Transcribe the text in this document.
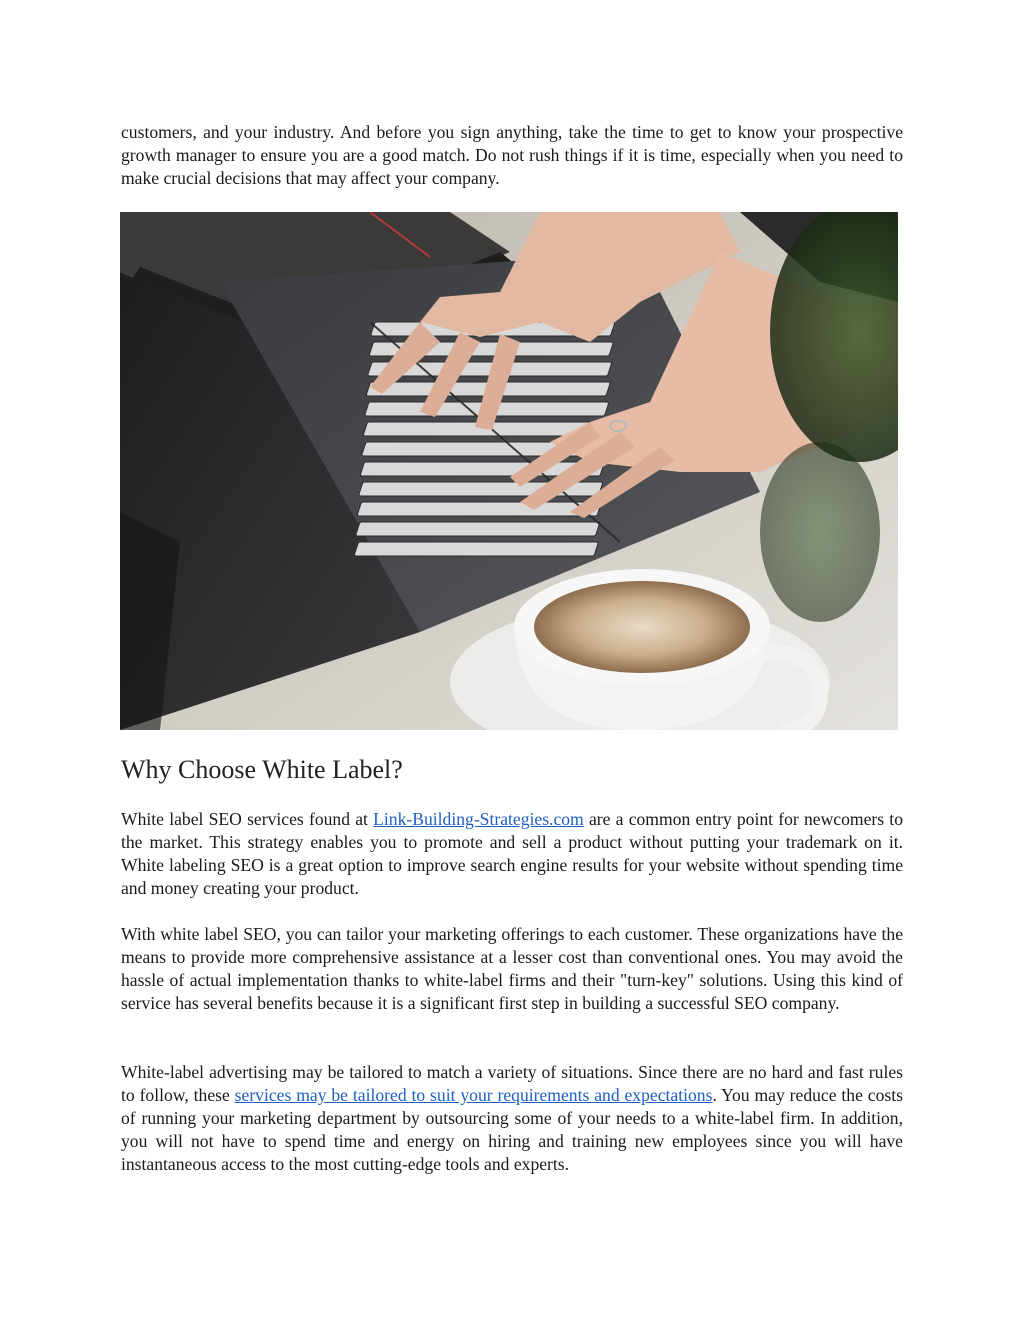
customers, and your industry. And before you sign anything, take the time to get to know your prospective growth manager to ensure you are a good match. Do not rush things if it is time, especially when you need to make crucial decisions that may affect your company.

Why Choose White Label?

White label SEO services found at Link-Building-Strategies.com are a common entry point for newcomers to the market. This strategy enables you to promote and sell a product without putting your trademark on it. White labeling SEO is a great option to improve search engine results for your website without spending time and money creating your product.

With white label SEO, you can tailor your marketing offerings to each customer. These organizations have the means to provide more comprehensive assistance at a lesser cost than conventional ones. You may avoid the hassle of actual implementation thanks to white-label firms and their "turn-key" solutions. Using this kind of service has several benefits because it is a significant first step in building a successful SEO company.

White-label advertising may be tailored to match a variety of situations. Since there are no hard and fast rules to follow, these services may be tailored to suit your requirements and expectations. You may reduce the costs of running your marketing department by outsourcing some of your needs to a white-label firm. In addition, you will not have to spend time and energy on hiring and training new employees since you will have instantaneous access to the most cutting-edge tools and experts.
